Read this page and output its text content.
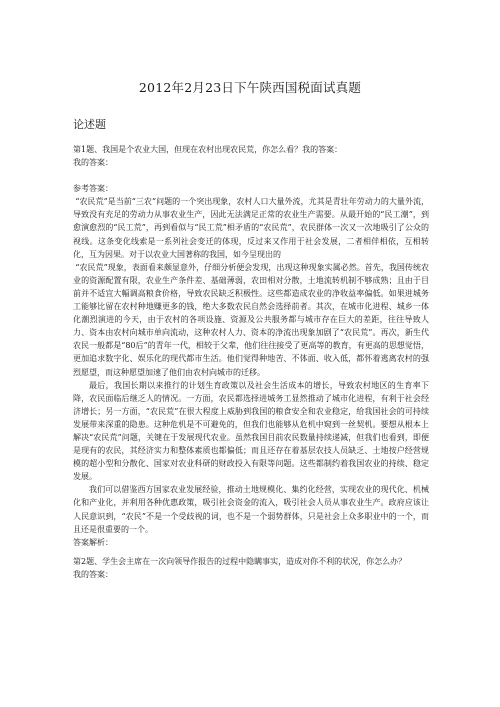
2012年2月23日下午陕西国税面试真题
论述题

第1题、我国是个农业大国，但现在农村出现农民荒，你怎么看？我的答案：

我的答案：

参考答案：

“农民荒”是当前“三农”问题的一个突出现象，农村人口大量外流，尤其是青壮年劳动力的大量外流，导致没有充足的劳动力从事农业生产，因此无法满足正常的农业生产需要。从最开始的“民工潮”，到愈演愈烈的“民工荒”，再到看似与“民工荒”相矛盾的“农民荒”，农民群体一次又一次地吸引了公众的视线。这条变化线索是一系列社会变迁的体现，反过来又作用于社会发展，二者相伴相依，互相转化，互为因果。对于以农业大国著称的我国，如今呈现出的

“农民荒”现象，表面看来颇显意外，仔细分析便会发现，出现这种现象实属必然。首先，我国传统农业的资源配置有限，农业生产条件差、基础薄弱，农田相对分散，土地流转机制不够成熟；且由于目前并不适宜大幅调高粮食价格，导致农民缺乏积极性。这些都造成农业的净收益率偏低。如果进城务工能够比留在农村种地赚更多的钱，绝大多数农民自然会选择前者。其次，在城市化进程、城乡一体化潮烈演进的今天，由于农村的各项设施、资源及公共服务都与城市存在巨大的差距，往往导致人力、资本由农村向城市单向流动，这种农村人力、资本的净流出现象加剧了“农民荒”。再次，新生代农民一般都是“80后”的青年一代，相较于父辈，他们往往接受了更高等的教育，有更高的思想觉悟，更加追求数字化、娱乐化的现代都市生活。他们觉得种地苦、不体面、收入低，都怀着逃离农村的强烈愿望，而这种愿望加速了他们由农村向城市的迁移。

最后，我国长期以来推行的计划生育政策以及社会生活成本的增长，导致农村地区的生育率下降，农民面临后继乏人的情况。一方面，农民都选择进城务工显然推动了城市化进程，有利于社会经济增长；另一方面，“农民荒”在很大程度上威胁到我国的粮食安全和农业稳定，给我国社会的可持续发展带来深重的隐患。这种危机是不可避免的，但我们也能够从危机中窥到一丝契机。要想从根本上解决“农民荒”问题，关键在于发展现代农业。虽然我国目前农民数量持续递减，但我们也看到，即便是现有的农民，其经济实力和整体素质也都偏低；而且还存在着基层农技人员缺乏、土地按户经营规模的超小型和分散化、国家对农业科研的财政投入有限等问题。这些都制约着我国农业的持续、稳定发展。

我们可以借鉴西方国家农业发展经验，推动土地规模化、集约化经营，实现农业的现代化、机械化和产业化，并利用各种优惠政策，吸引社会资金的流入，吸引社会人员从事农业生产。政府应该让人民意识到，“农民”不是一个受歧视的词，也不是一个弱势群体，只是社会上众多职业中的一个，而且还是很重要的一个。

答案解析：

第2题、学生会主席在一次向领导作报告的过程中隐瞒事实，造成对你不利的状况，你怎么办？

我的答案：
